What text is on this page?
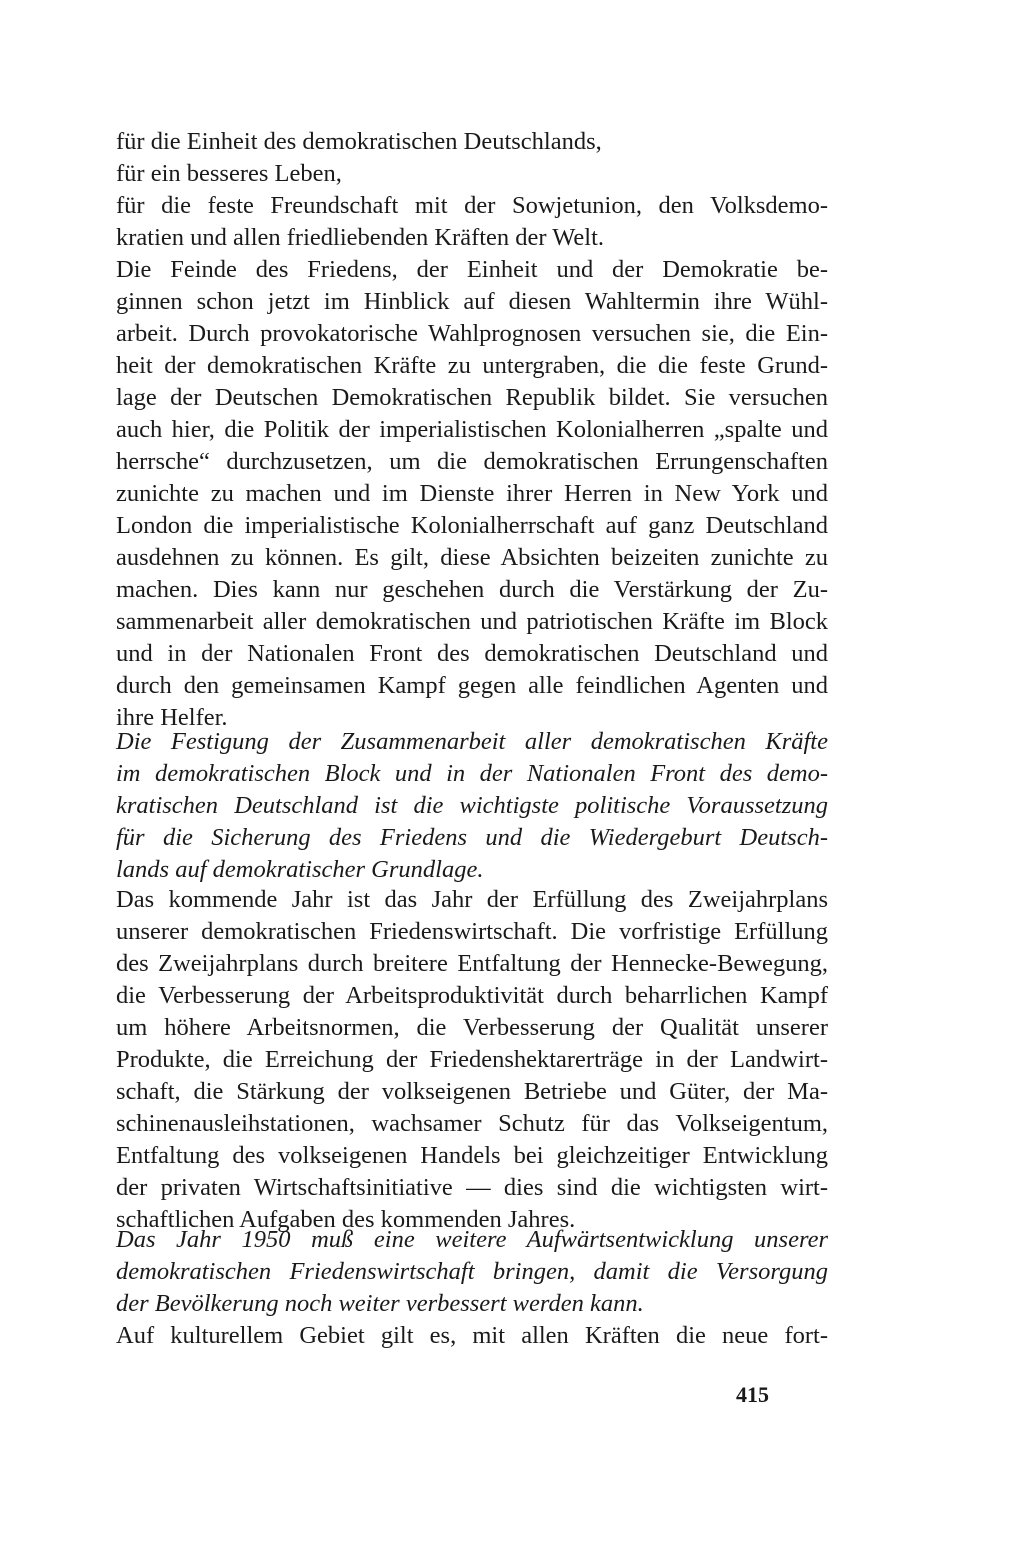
für die Einheit des demokratischen Deutschlands,
für ein besseres Leben,
für die feste Freundschaft mit der Sowjetunion, den Volksdemo-
kratien und allen friedliebenden Kräften der Welt.
Die Feinde des Friedens, der Einheit und der Demokratie be-
ginnen schon jetzt im Hinblick auf diesen Wahltermin ihre Wühl-
arbeit. Durch provokatorische Wahlprognosen versuchen sie, die Ein-
heit der demokratischen Kräfte zu untergraben, die die feste Grund-
lage der Deutschen Demokratischen Republik bildet. Sie versuchen
auch hier, die Politik der imperialistischen Kolonialherren „spalte und
herrsche“ durchzusetzen, um die demokratischen Errungenschaften
zunichte zu machen und im Dienste ihrer Herren in New York und
London die imperialistische Kolonialherrschaft auf ganz Deutschland
ausdehnen zu können. Es gilt, diese Absichten beizeiten zunichte zu
machen. Dies kann nur geschehen durch die Verstärkung der Zu-
sammenarbeit aller demokratischen und patriotischen Kräfte im Block
und in der Nationalen Front des demokratischen Deutschland und
durch den gemeinsamen Kampf gegen alle feindlichen Agenten und
ihre Helfer.
Die Festigung der Zusammenarbeit aller demokratischen Kräfte
im demokratischen Block und in der Nationalen Front des demo-
kratischen Deutschland ist die wichtigste politische Voraussetzung
für die Sicherung des Friedens und die Wiedergeburt Deutsch-
lands auf demokratischer Grundlage.
Das kommende Jahr ist das Jahr der Erfüllung des Zweijahrplans
unserer demokratischen Friedenswirtschaft. Die vorfristige Erfüllung
des Zweijahrplans durch breitere Entfaltung der Hennecke-Bewegung,
die Verbesserung der Arbeitsproduktivität durch beharrlichen Kampf
um höhere Arbeitsnormen, die Verbesserung der Qualität unserer
Produkte, die Erreichung der Friedenshektarerträge in der Landwirt-
schaft, die Stärkung der volkseigenen Betriebe und Güter, der Ma-
schinenausleihstationen, wachsamer Schutz für das Volkseigentum,
Entfaltung des volkseigenen Handels bei gleichzeitiger Entwicklung
der privaten Wirtschaftsinitiative — dies sind die wichtigsten wirt-
schaftlichen Aufgaben des kommenden Jahres.
Das Jahr 1950 muß eine weitere Aufwärtsentwicklung unserer
demokratischen Friedenswirtschaft bringen, damit die Versorgung
der Bevölkerung noch weiter verbessert werden kann.
Auf kulturellem Gebiet gilt es, mit allen Kräften die neue fort-
415
